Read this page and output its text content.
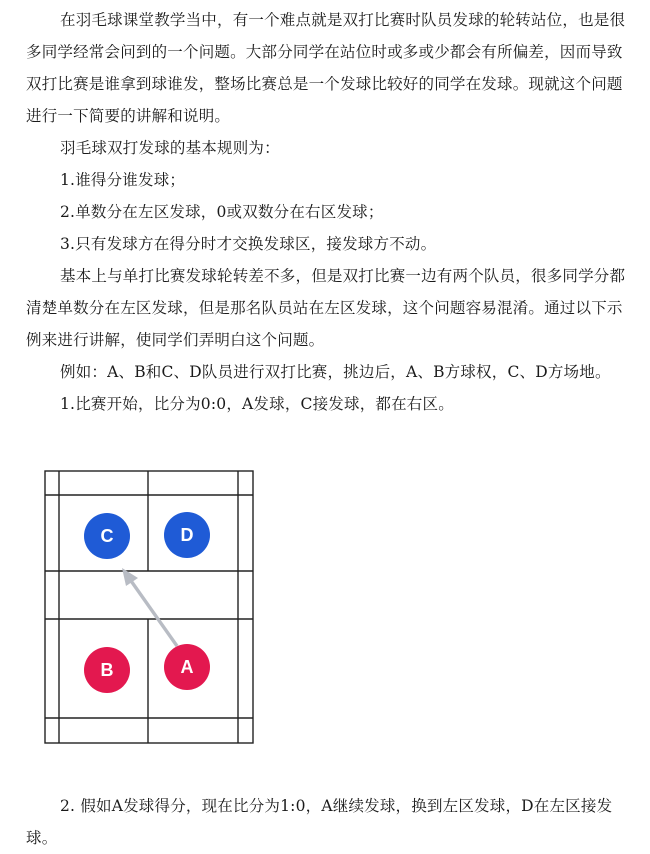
在羽毛球课堂教学当中，有一个难点就是双打比赛时队员发球的轮转站位，也是很多同学经常会问到的一个问题。大部分同学在站位时或多或少都会有所偏差，因而导致双打比赛是谁拿到球谁发，整场比赛总是一个发球比较好的同学在发球。现就这个问题进行一下简要的讲解和说明。

羽毛球双打发球的基本规则为：

1.谁得分谁发球；

2.单数分在左区发球，0或双数分在右区发球；

3.只有发球方在得分时才交换发球区，接发球方不动。

基本上与单打比赛发球轮转差不多，但是双打比赛一边有两个队员，很多同学分都清楚单数分在左区发球，但是那名队员站在左区发球，这个问题容易混淆。通过以下示例来进行讲解，使同学们弄明白这个问题。

例如：A、B和C、D队员进行双打比赛，挑边后，A、B方球权，C、D方场地。

1.比赛开始，比分为0:0，A发球，C接发球，都在右区。

C	D
B	A

2. 假如A发球得分，现在比分为1:0，A继续发球，换到左区发球，D在左区接发球。
